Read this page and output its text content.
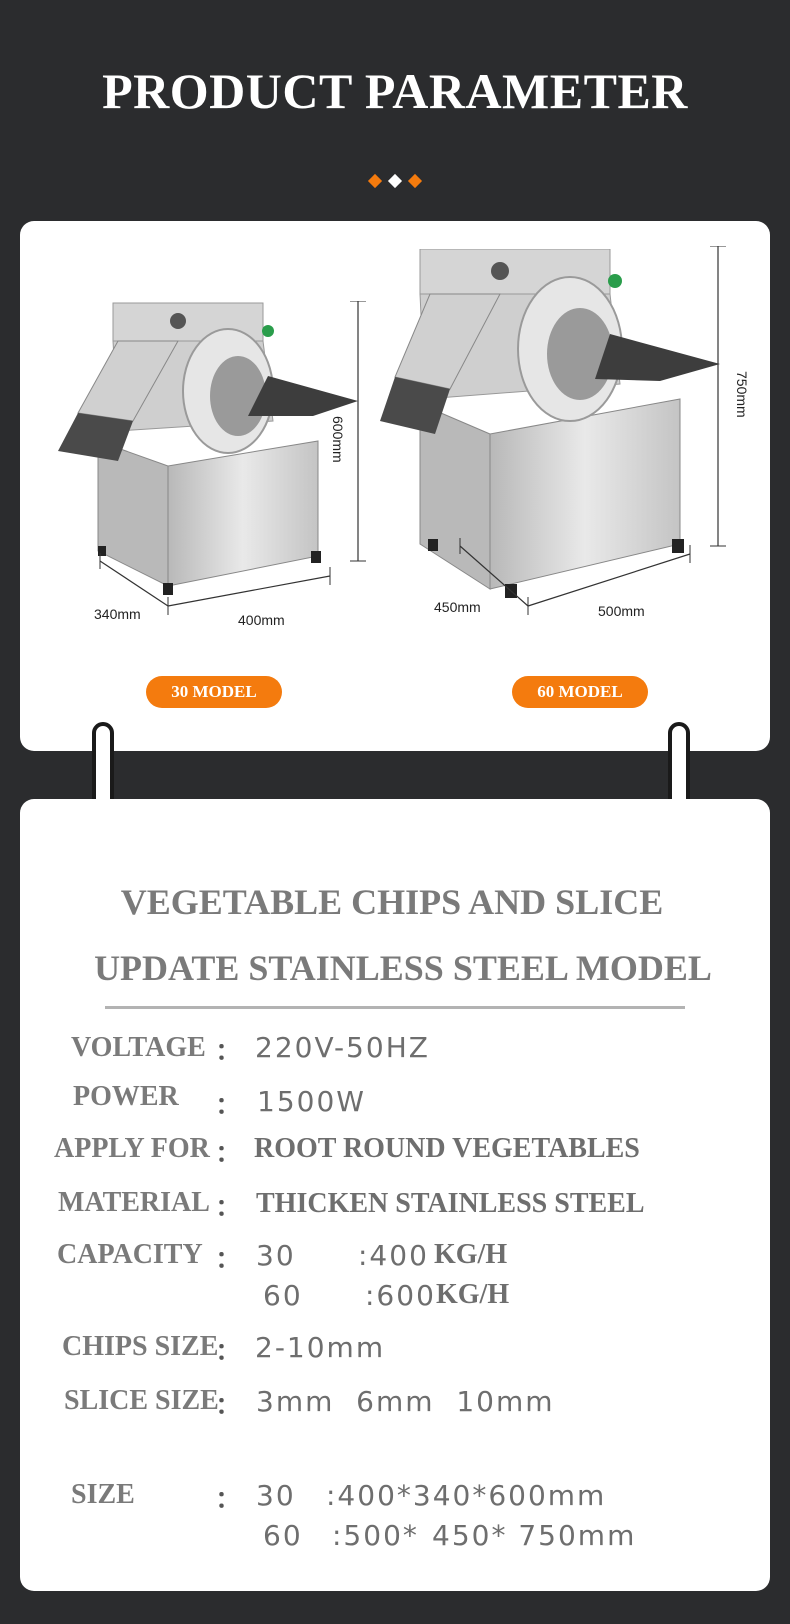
PRODUCT PARAMETER
340mm	400mm
600mm
450mm	500mm
750mm
30 MODEL	60 MODEL
VEGETABLE CHIPS AND SLICE
UPDATE STAINLESS STEEL MODEL
VOLTAGE ： 220V-50HZ
POWER ： 1500W
APPLY FOR ： ROOT ROUND VEGETABLES
MATERIAL ： THICKEN STAINLESS STEEL
CAPACITY ： 30 :400 KG/H
60 :600 KG/H
CHIPS SIZE
： 2-10mm
SLICE SIZE
： 3mm  6mm  10mm
SIZE	： 30 :400*340*600mm
60 :500* 450* 750mm
